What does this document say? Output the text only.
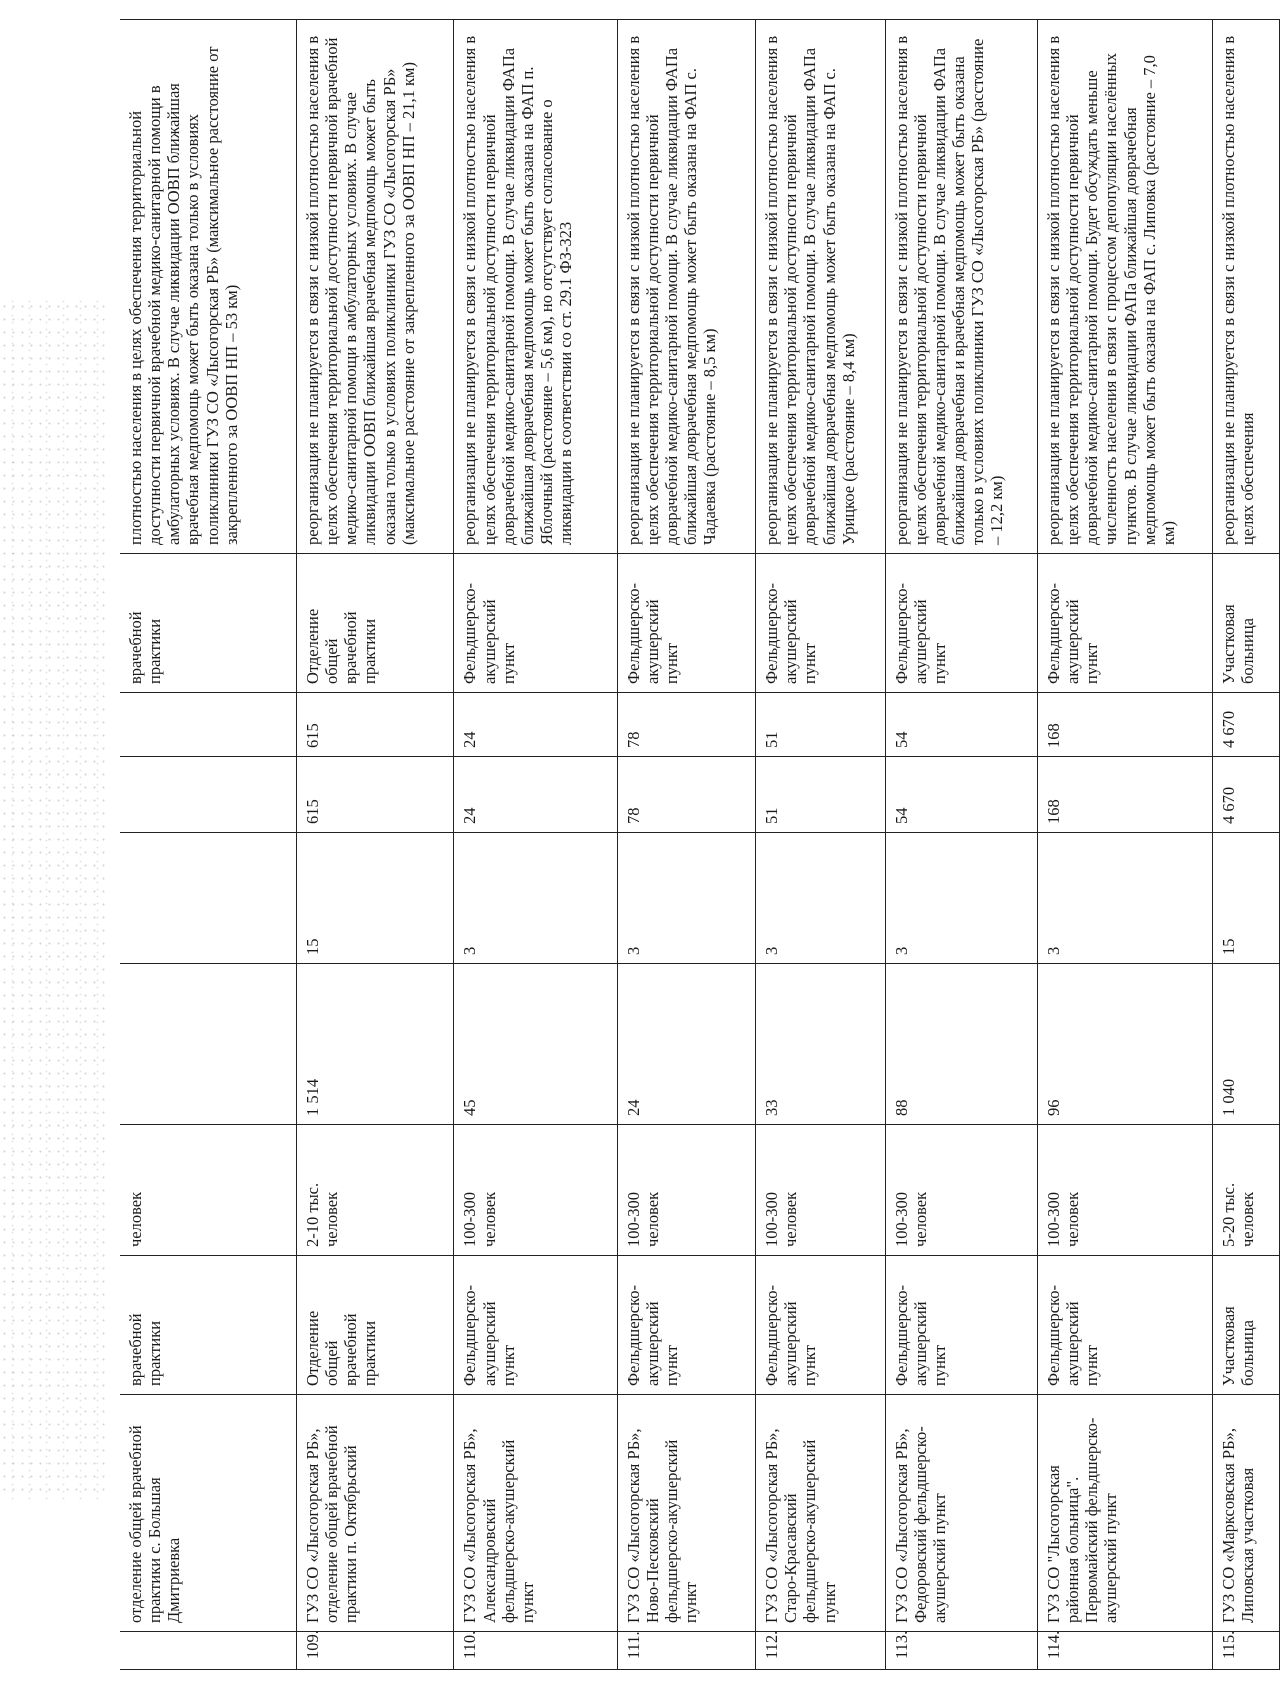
	отделение общей врачебной практики с. Большая Дмитриевка	врачебной практики	человек					врачебной практики	плотностью населения в целях обеспечения территориальной доступности первичной врачебной медико-санитарной помощи в амбулаторных условиях. В случае ликвидации ООВП ближайшая врачебная медпомощь может быть оказана только в условиях поликлиники ГУЗ СО «Лысогорская РБ» (максимальное расстояние от закрепленного за ООВП НП – 53 км)
109.	ГУЗ СО «Лысогорская РБ», отделение общей врачебной практики п. Октябрьский	Отделение общей врачебной практики	2-10 тыс. человек	1 514	15	615	615	Отделение общей врачебной практики	реорганизация не планируется в связи с низкой плотностью населения в целях обеспечения территориальной доступности первичной врачебной медико-санитарной помощи в амбулаторных условиях. В случае ликвидации ООВП ближайшая врачебная медпомощь может быть оказана только в условиях поликлиники ГУЗ СО «Лысогорская РБ» (максимальное расстояние от закрепленного за ООВП НП – 21,1 км)
110.	ГУЗ СО «Лысогорская РБ», Александровский фельдшерско-акушерский пункт	Фельдшерско-акушерский пункт	100-300 человек	45	3	24	24	Фельдшерско-акушерский пункт	реорганизация не планируется в связи с низкой плотностью населения в целях обеспечения территориальной доступности первичной доврачебной медико-санитарной помощи. В случае ликвидации ФАПа ближайшая доврачебная медпомощь может быть оказана на ФАП п. Яблочный (расстояние – 5,6 км), но отсутствует согласование о ликвидации в соответствии со ст. 29.1 ФЗ-323
111.	ГУЗ СО «Лысогорская РБ», Ново-Песковский фельдшерско-акушерский пункт	Фельдшерско-акушерский пункт	100-300 человек	24	3	78	78	Фельдшерско-акушерский пункт	реорганизация не планируется в связи с низкой плотностью населения в целях обеспечения территориальной доступности первичной доврачебной медико-санитарной помощи. В случае ликвидации ФАПа ближайшая доврачебная медпомощь может быть оказана на ФАП с. Чадаевка (расстояние – 8,5 км)
112.	ГУЗ СО «Лысогорская РБ», Старо-Красавский фельдшерско-акушерский пункт	Фельдшерско-акушерский пункт	100-300 человек	33	3	51	51	Фельдшерско-акушерский пункт	реорганизация не планируется в связи с низкой плотностью населения в целях обеспечения территориальной доступности первичной доврачебной медико-санитарной помощи. В случае ликвидации ФАПа ближайшая доврачебная медпомощь может быть оказана на ФАП с. Урицкое (расстояние – 8,4 км)
113.	ГУЗ СО «Лысогорская РБ», Федоровский фельдшерско-акушерский пункт	Фельдшерско-акушерский пункт	100-300 человек	88	3	54	54	Фельдшерско-акушерский пункт	реорганизация не планируется в связи с низкой плотностью населения в целях обеспечения территориальной доступности первичной доврачебной медико-санитарной помощи. В случае ликвидации ФАПа ближайшая доврачебная и врачебная медпомощь может быть оказана только в условиях поликлиники ГУЗ СО «Лысогорская РБ» (расстояние – 12,2 км)
114.	ГУЗ СО "Лысогорская районная больница". Первомайский фельдшерско-акушерский пункт	Фельдшерско-акушерский пункт	100-300 человек	96	3	168	168	Фельдшерско-акушерский пункт	реорганизация не планируется в связи с низкой плотностью населения в целях обеспечения территориальной доступности первичной доврачебной медико-санитарной помощи. Будет обсуждать меньше численность населения в связи с процессом депопуляции населённых пунктов. В случае ликвидации ФАПа ближайшая доврачебная медпомощь может быть оказана на ФАП с. Липовка (расстояние – 7,0 км)
115.	ГУЗ СО «Марксовская РБ», Липовская участковая	Участковая больница	5-20 тыс. человек	1 040	15	4 670	4 670	Участковая больница	реорганизация не планируется в связи с низкой плотностью населения в целях обеспечения
